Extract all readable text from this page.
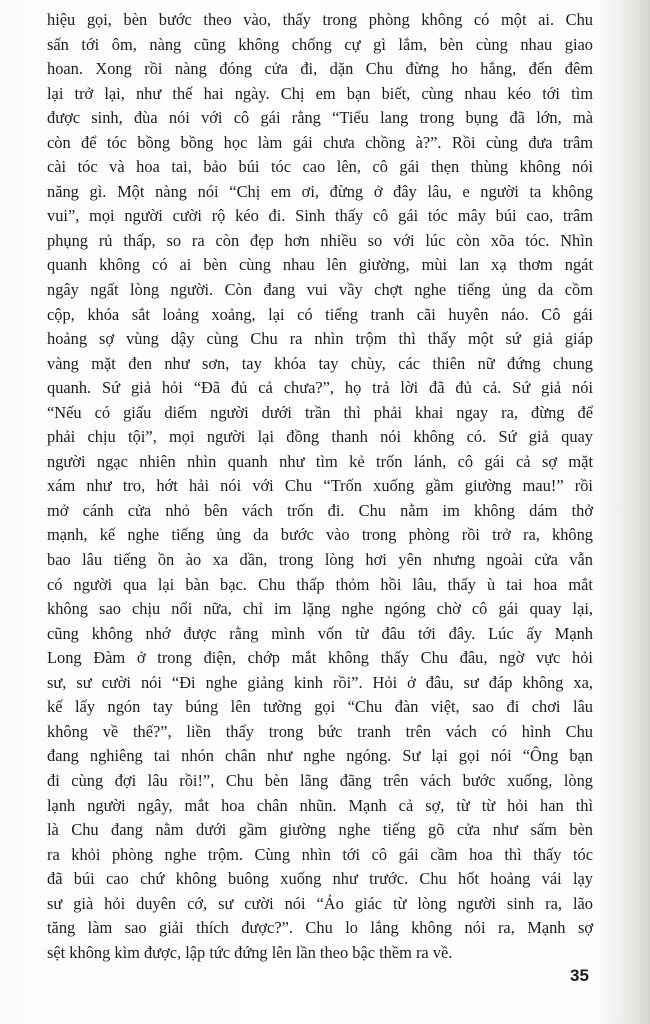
hiệu gọi, bèn bước theo vào, thấy trong phòng không có một ai. Chu
sấn tới ôm, nàng cũng không chống cự gì lắm, bèn cùng nhau giao
hoan. Xong rồi nàng đóng cửa đi, dặn Chu đừng ho hắng, đến đêm
lại trở lại, như thế hai ngày. Chị em bạn biết, cùng nhau kéo tới tìm
được sinh, đùa nói với cô gái rằng “Tiểu lang trong bụng đã lớn, mà
còn để tóc bồng bồng học làm gái chưa chồng à?”. Rồi cùng đưa trâm
cài tóc và hoa tai, bảo búi tóc cao lên, cô gái thẹn thùng không nói
năng gì. Một nàng nói “Chị em ơi, đừng ở đây lâu, e người ta không
vui”, mọi người cười rộ kéo đi. Sinh thấy cô gái tóc mây búi cao, trâm
phụng rủ thấp, so ra còn đẹp hơn nhiều so với lúc còn xõa tóc. Nhìn
quanh không có ai bèn cùng nhau lên giường, mùi lan xạ thơm ngát
ngây ngất lòng người. Còn đang vui vầy chợt nghe tiếng ủng da cồm
cộp, khóa sắt loảng xoảng, lại có tiếng tranh cãi huyên náo. Cô gái
hoảng sợ vùng dậy cùng Chu ra nhìn trộm thì thấy một sứ giả giáp
vàng mặt đen như sơn, tay khóa tay chùy, các thiên nữ đứng chung
quanh. Sứ giả hỏi “Đã đủ cả chưa?”, họ trả lời đã đủ cả. Sứ giả nói
“Nếu có giấu diếm người dưới trần thì phải khai ngay ra, đừng để
phải chịu tội”, mọi người lại đồng thanh nói không có. Sứ giả quay
người ngạc nhiên nhìn quanh như tìm kẻ trốn lánh, cô gái cả sợ mặt
xám như tro, hớt hải nói với Chu “Trốn xuống gầm giường mau!” rồi
mở cánh cửa nhỏ bên vách trốn đi. Chu nằm im không dám thở
mạnh, kế nghe tiếng ủng da bước vào trong phòng rồi trở ra, không
bao lâu tiếng ồn ào xa dần, trong lòng hơi yên nhưng ngoài cửa vẫn
có người qua lại bàn bạc. Chu thấp thỏm hồi lâu, thấy ù tai hoa mắt
không sao chịu nổi nữa, chỉ im lặng nghe ngóng chờ cô gái quay lại,
cũng không nhớ được rằng mình vốn từ đâu tới đây. Lúc ấy Mạnh
Long Đàm ở trong điện, chớp mắt không thấy Chu đâu, ngờ vực hỏi
sư, sư cười nói “Đi nghe giảng kinh rồi”. Hỏi ở đâu, sư đáp không xa,
kế lấy ngón tay búng lên tường gọi “Chu đàn việt, sao đi chơi lâu
không về thế?”, liền thấy trong bức tranh trên vách có hình Chu
đang nghiêng tai nhón chân như nghe ngóng. Sư lại gọi nói “Ông bạn
đi cùng đợi lâu rồi!”, Chu bèn lãng đãng trên vách bước xuống, lòng
lạnh người ngây, mắt hoa chân nhũn. Mạnh cả sợ, từ từ hỏi han thì
là Chu đang nằm dưới gầm giường nghe tiếng gõ cửa như sấm bèn
ra khỏi phòng nghe trộm. Cùng nhìn tới cô gái cầm hoa thì thấy tóc
đã búi cao chứ không buông xuống như trước. Chu hốt hoảng vái lạy
sư già hỏi duyên cớ, sư cười nói “Ảo giác từ lòng người sinh ra, lão
tăng làm sao giải thích được?”. Chu lo lắng không nói ra, Mạnh sợ
sệt không kìm được, lập tức đứng lên lần theo bậc thềm ra về.
35
